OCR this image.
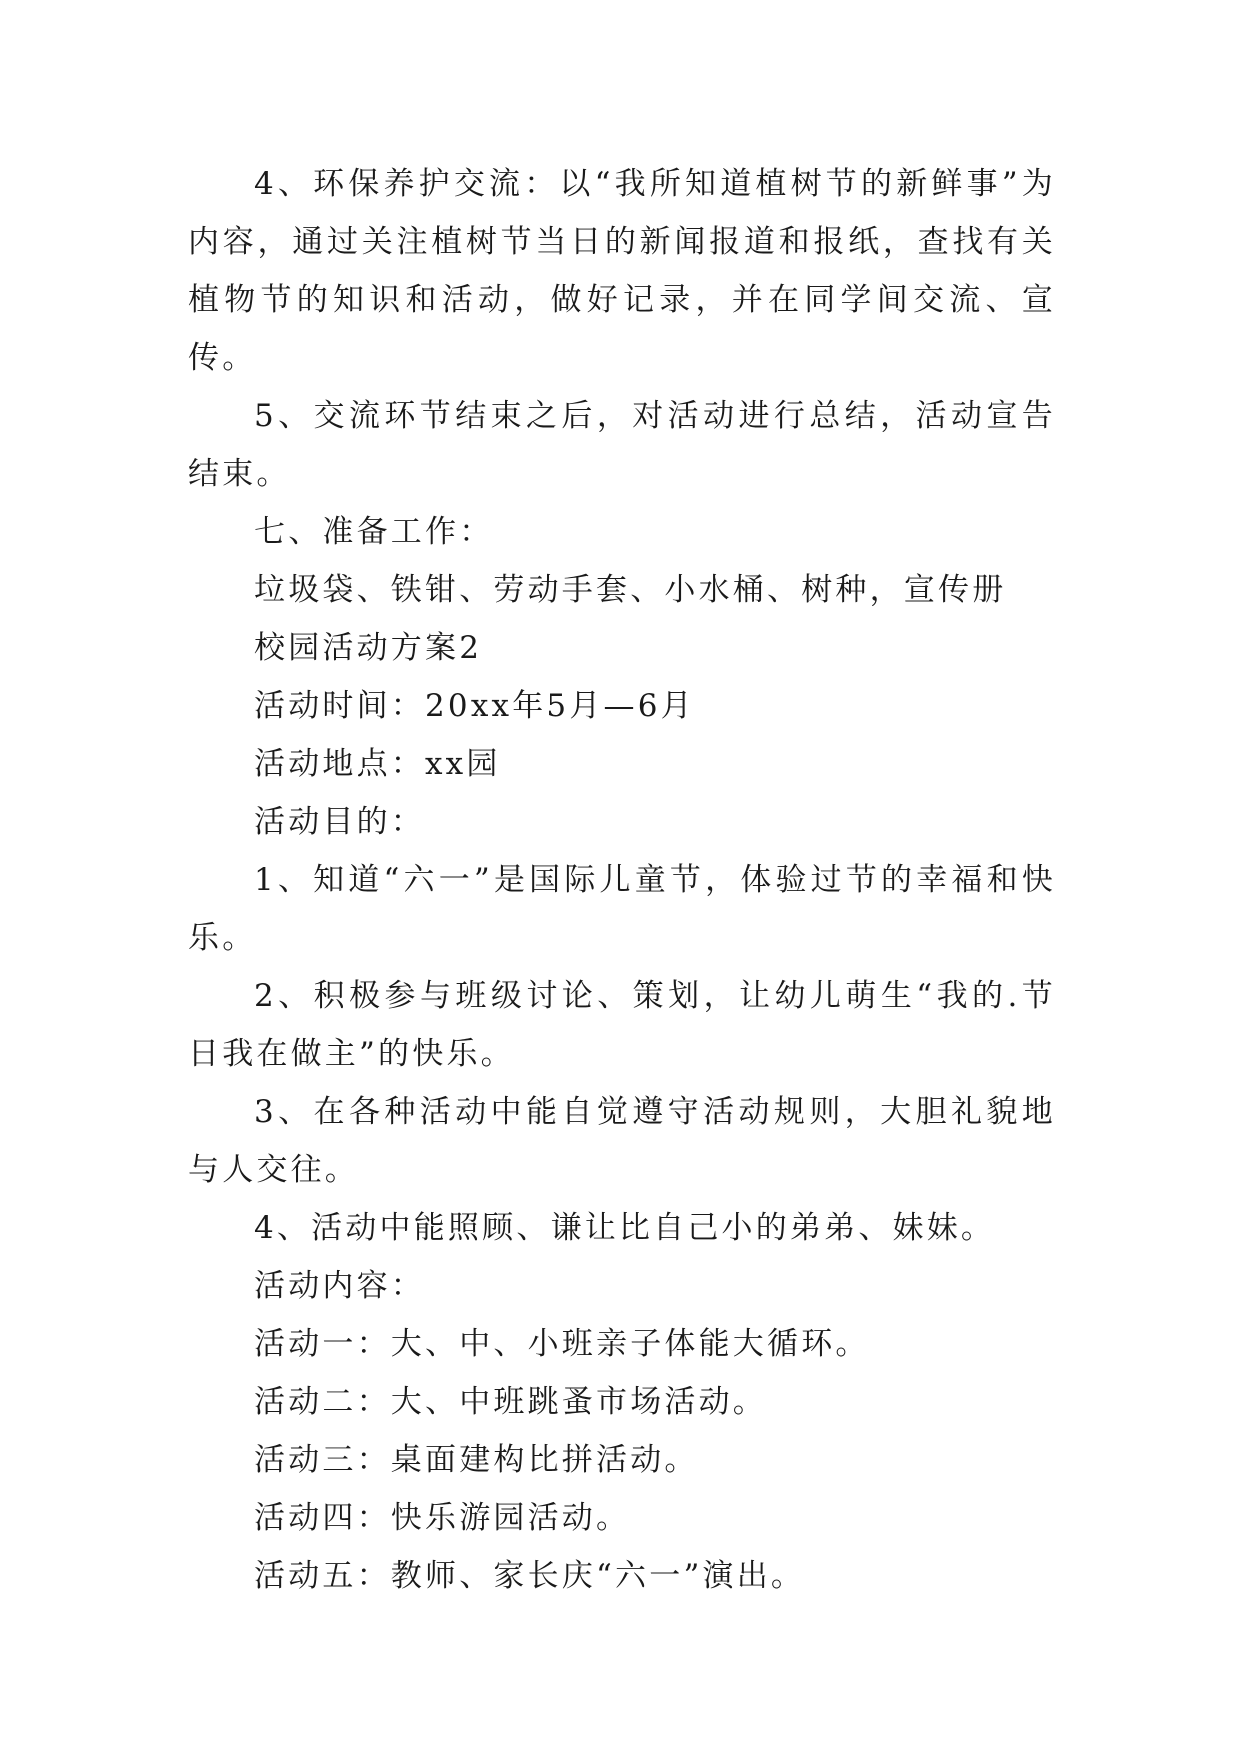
4、环保养护交流：以“我所知道植树节的新鲜事”为内容，通过关注植树节当日的新闻报道和报纸，查找有关植物节的知识和活动，做好记录，并在同学间交流、宣传。

5、交流环节结束之后，对活动进行总结，活动宣告结束。

七、准备工作：

垃圾袋、铁钳、劳动手套、小水桶、树种，宣传册

校园活动方案2

活动时间：20xx年5月—6月

活动地点：xx园

活动目的：

1、知道“六一”是国际儿童节，体验过节的幸福和快乐。

2、积极参与班级讨论、策划，让幼儿萌生“我的.节日我在做主”的快乐。

3、在各种活动中能自觉遵守活动规则，大胆礼貌地与人交往。

4、活动中能照顾、谦让比自己小的弟弟、妹妹。

活动内容：

活动一：大、中、小班亲子体能大循环。

活动二：大、中班跳蚤市场活动。

活动三：桌面建构比拼活动。

活动四：快乐游园活动。

活动五：教师、家长庆“六一”演出。
